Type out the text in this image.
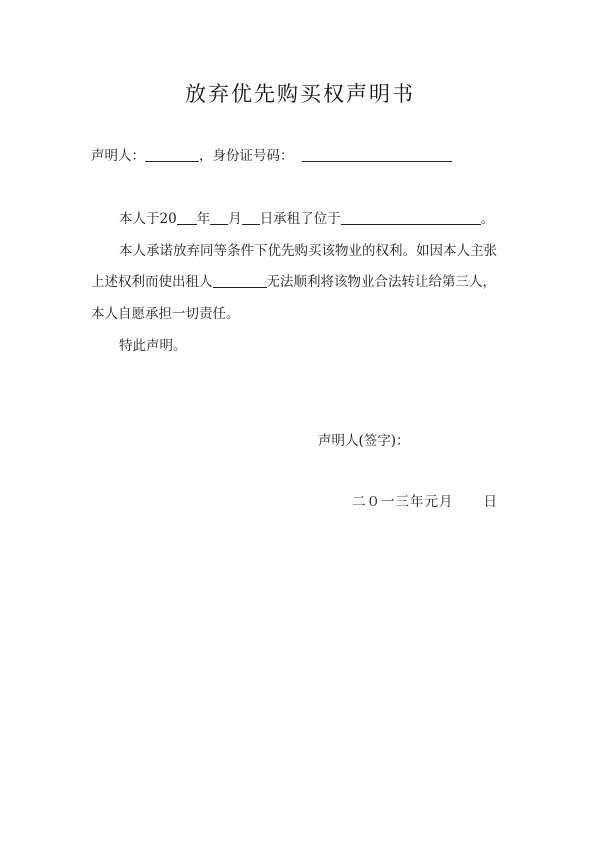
放弃优先购买权声明书
声明人：	，身份证号码：
本人于20 年 月 日承租了位于	。
本人承诺放弃同等条件下优先购买该物业的权利。如因本人主张
上述权利而使出租人	无法顺利将该物业合法转让给第三人，
本人自愿承担一切责任。
特此声明。
声明人(签字)：
二０一三年元月 日
